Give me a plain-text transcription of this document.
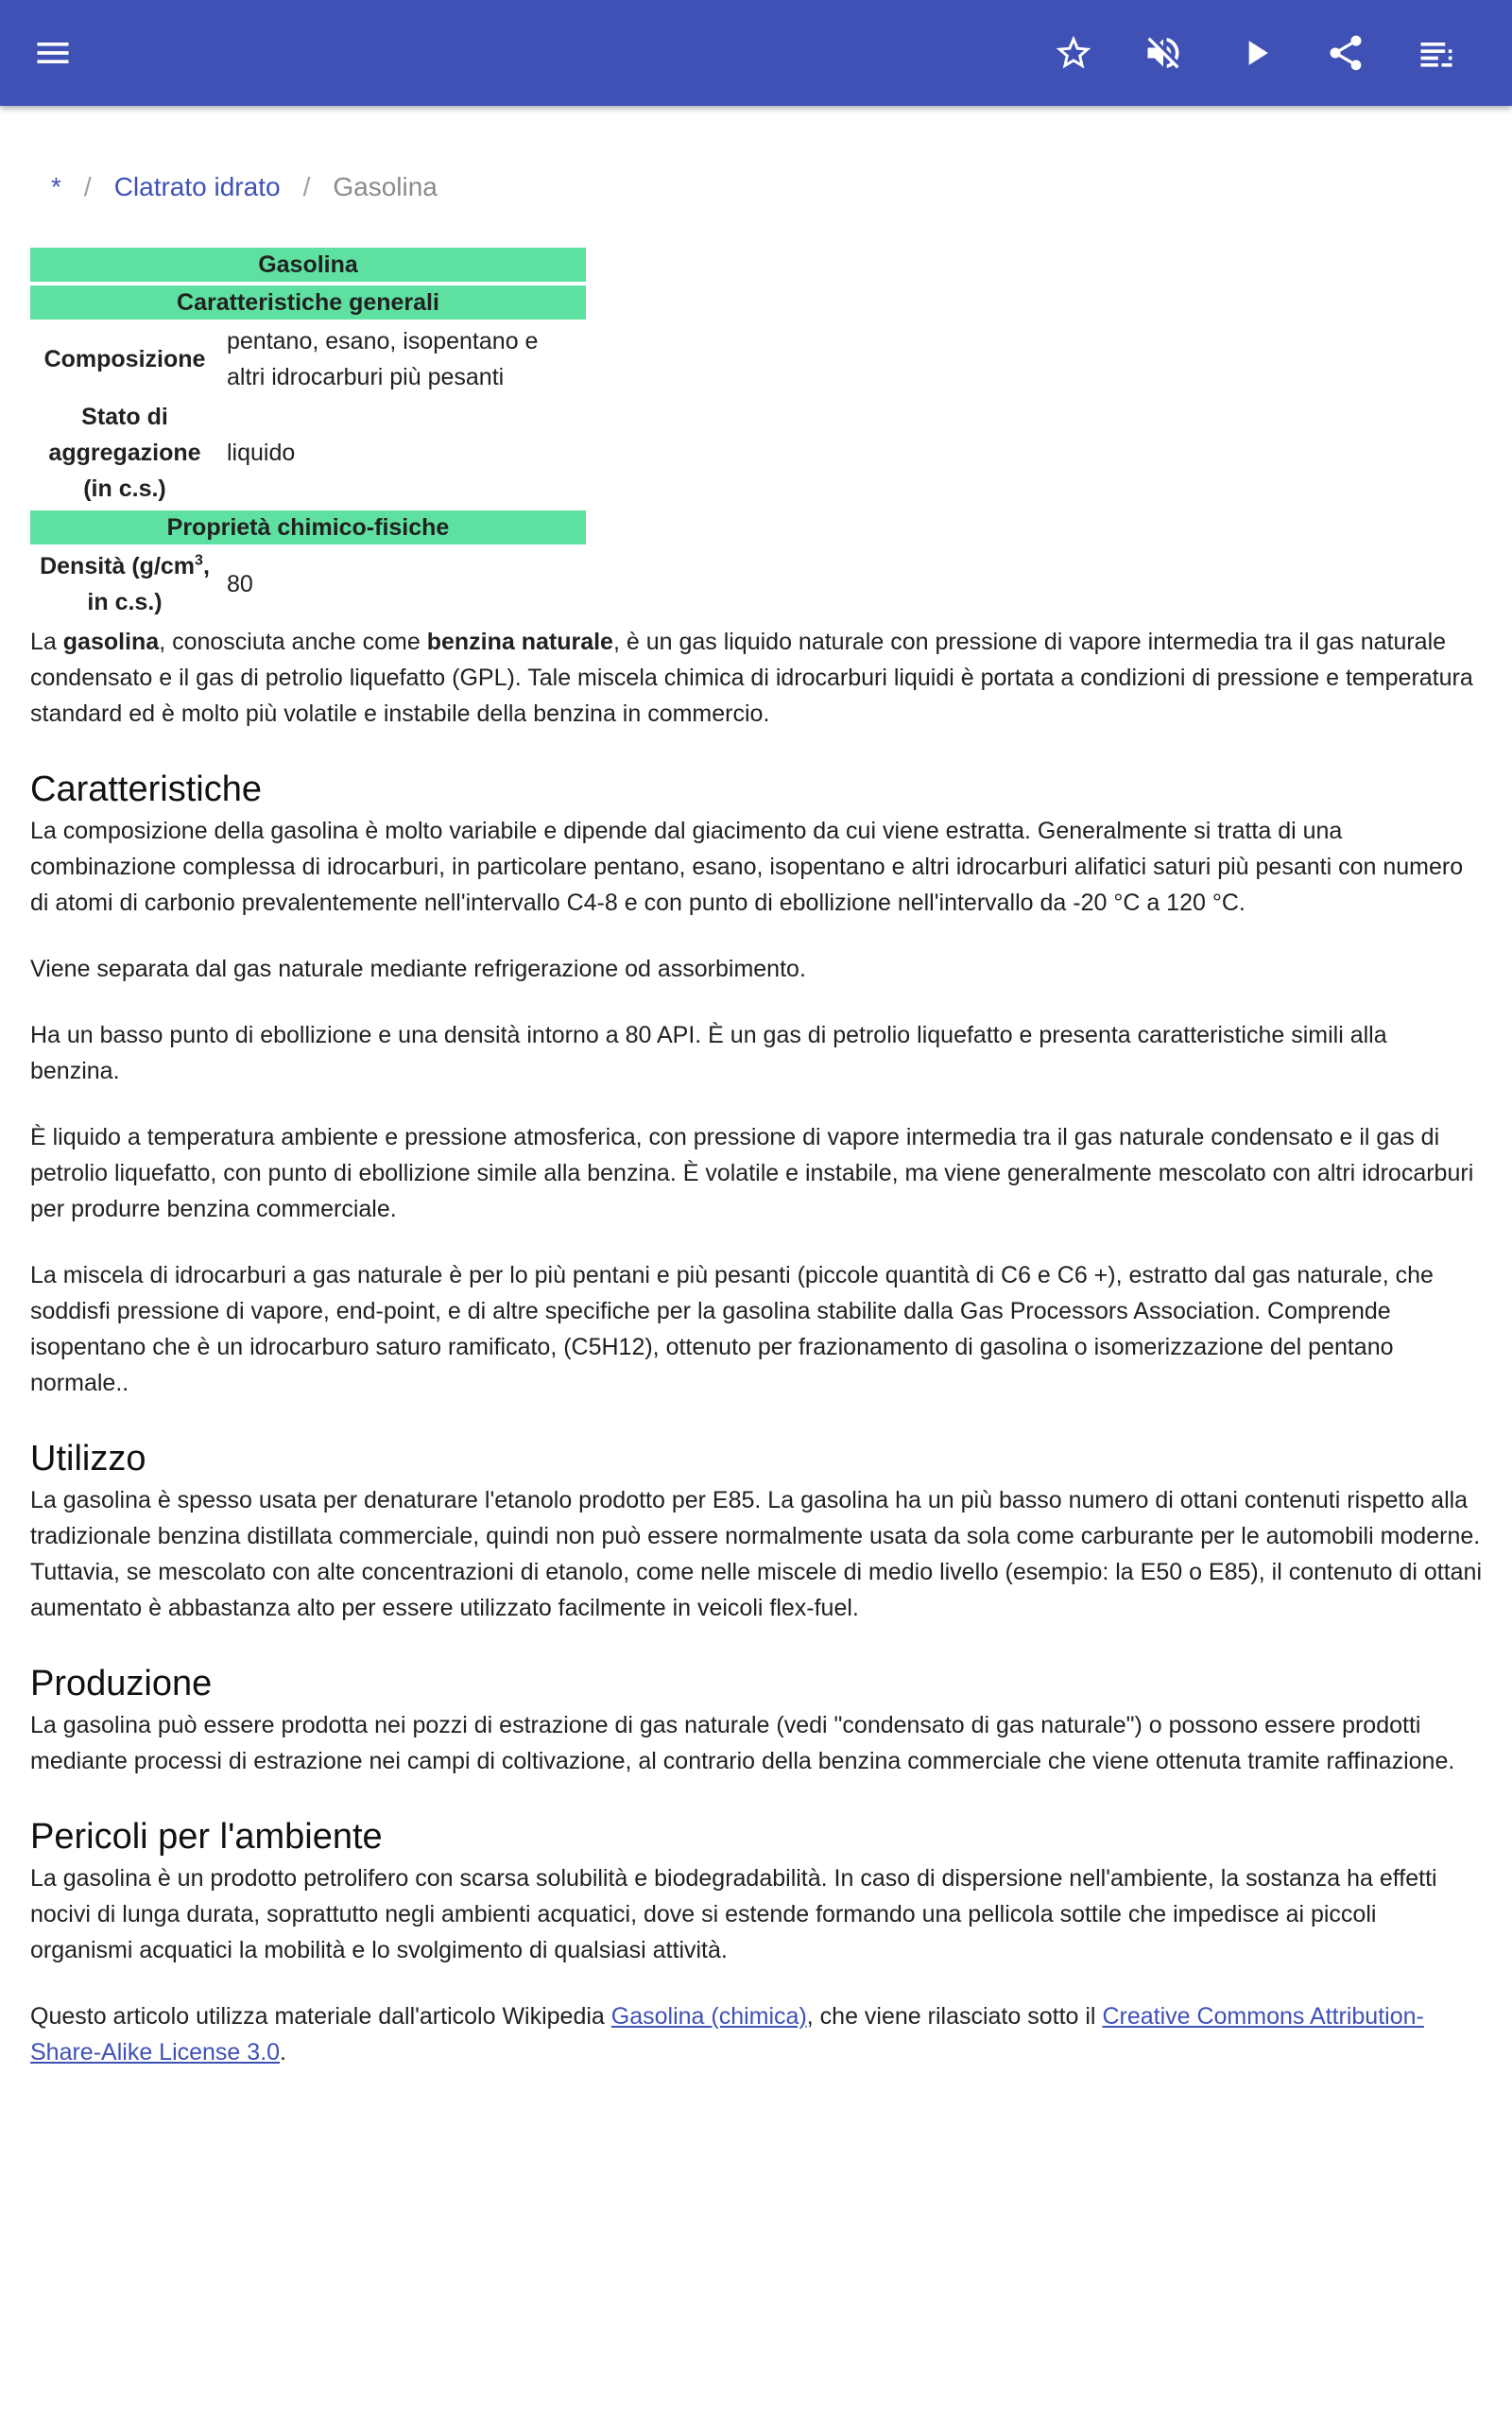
* / Clatrato idrato / Gasolina
Gasolina	
Caratteristiche generali	
Composizione	pentano, esano, isopentano e altri idrocarburi più pesanti
Stato di aggregazione (in c.s.)	liquido
Proprietà chimico-fisiche	
Densità ($g/cm^3$, in c.s.)	80

La gasolina, conosciuta anche come benzina naturale, è un gas liquido naturale con pressione di vapore intermedia tra il gas naturale condensato e il gas di petrolio liquefatto (GPL). Tale miscela chimica di idrocarburi liquidi è portata a condizioni di pressione e temperatura standard ed è molto più volatile e instabile della benzina in commercio.

Caratteristiche

La composizione della gasolina è molto variabile e dipende dal giacimento da cui viene estratta. Generalmente si tratta di una combinazione complessa di idrocarburi, in particolare pentano, esano, isopentano e altri idrocarburi alifatici saturi più pesanti con numero di atomi di carbonio prevalentemente nell'intervallo C4-8 e con punto di ebollizione nell'intervallo da -20 °C a 120 °C.

Viene separata dal gas naturale mediante refrigerazione od assorbimento.

Ha un basso punto di ebollizione e una densità intorno a 80 API. È un gas di petrolio liquefatto e presenta caratteristiche simili alla benzina.

È liquido a temperatura ambiente e pressione atmosferica, con pressione di vapore intermedia tra il gas naturale condensato e il gas di petrolio liquefatto, con punto di ebollizione simile alla benzina. È volatile e instabile, ma viene generalmente mescolato con altri idrocarburi per produrre benzina commerciale.

La miscela di idrocarburi a gas naturale è per lo più pentani e più pesanti (piccole quantità di C6 e C6 +), estratto dal gas naturale, che soddisfi pressione di vapore, end-point, e di altre specifiche per la gasolina stabilite dalla Gas Processors Association. Comprende isopentano che è un idrocarburo saturo ramificato, (C5H12), ottenuto per frazionamento di gasolina o isomerizzazione del pentano normale..

Utilizzo

La gasolina è spesso usata per denaturare l'etanolo prodotto per E85. La gasolina ha un più basso numero di ottani contenuti rispetto alla tradizionale benzina distillata commerciale, quindi non può essere normalmente usata da sola come carburante per le automobili moderne. Tuttavia, se mescolato con alte concentrazioni di etanolo, come nelle miscele di medio livello (esempio: la E50 o E85), il contenuto di ottani aumentato è abbastanza alto per essere utilizzato facilmente in veicoli flex-fuel.

Produzione

La gasolina può essere prodotta nei pozzi di estrazione di gas naturale (vedi "condensato di gas naturale") o possono essere prodotti mediante processi di estrazione nei campi di coltivazione, al contrario della benzina commerciale che viene ottenuta tramite raffinazione.

Pericoli per l'ambiente

La gasolina è un prodotto petrolifero con scarsa solubilità e biodegradabilità. In caso di dispersione nell'ambiente, la sostanza ha effetti nocivi di lunga durata, soprattutto negli ambienti acquatici, dove si estende formando una pellicola sottile che impedisce ai piccoli organismi acquatici la mobilità e lo svolgimento di qualsiasi attività.

Questo articolo utilizza materiale dall'articolo Wikipedia Gasolina (chimica), che viene rilasciato sotto il Creative Commons Attribution-Share-Alike License 3.0.
